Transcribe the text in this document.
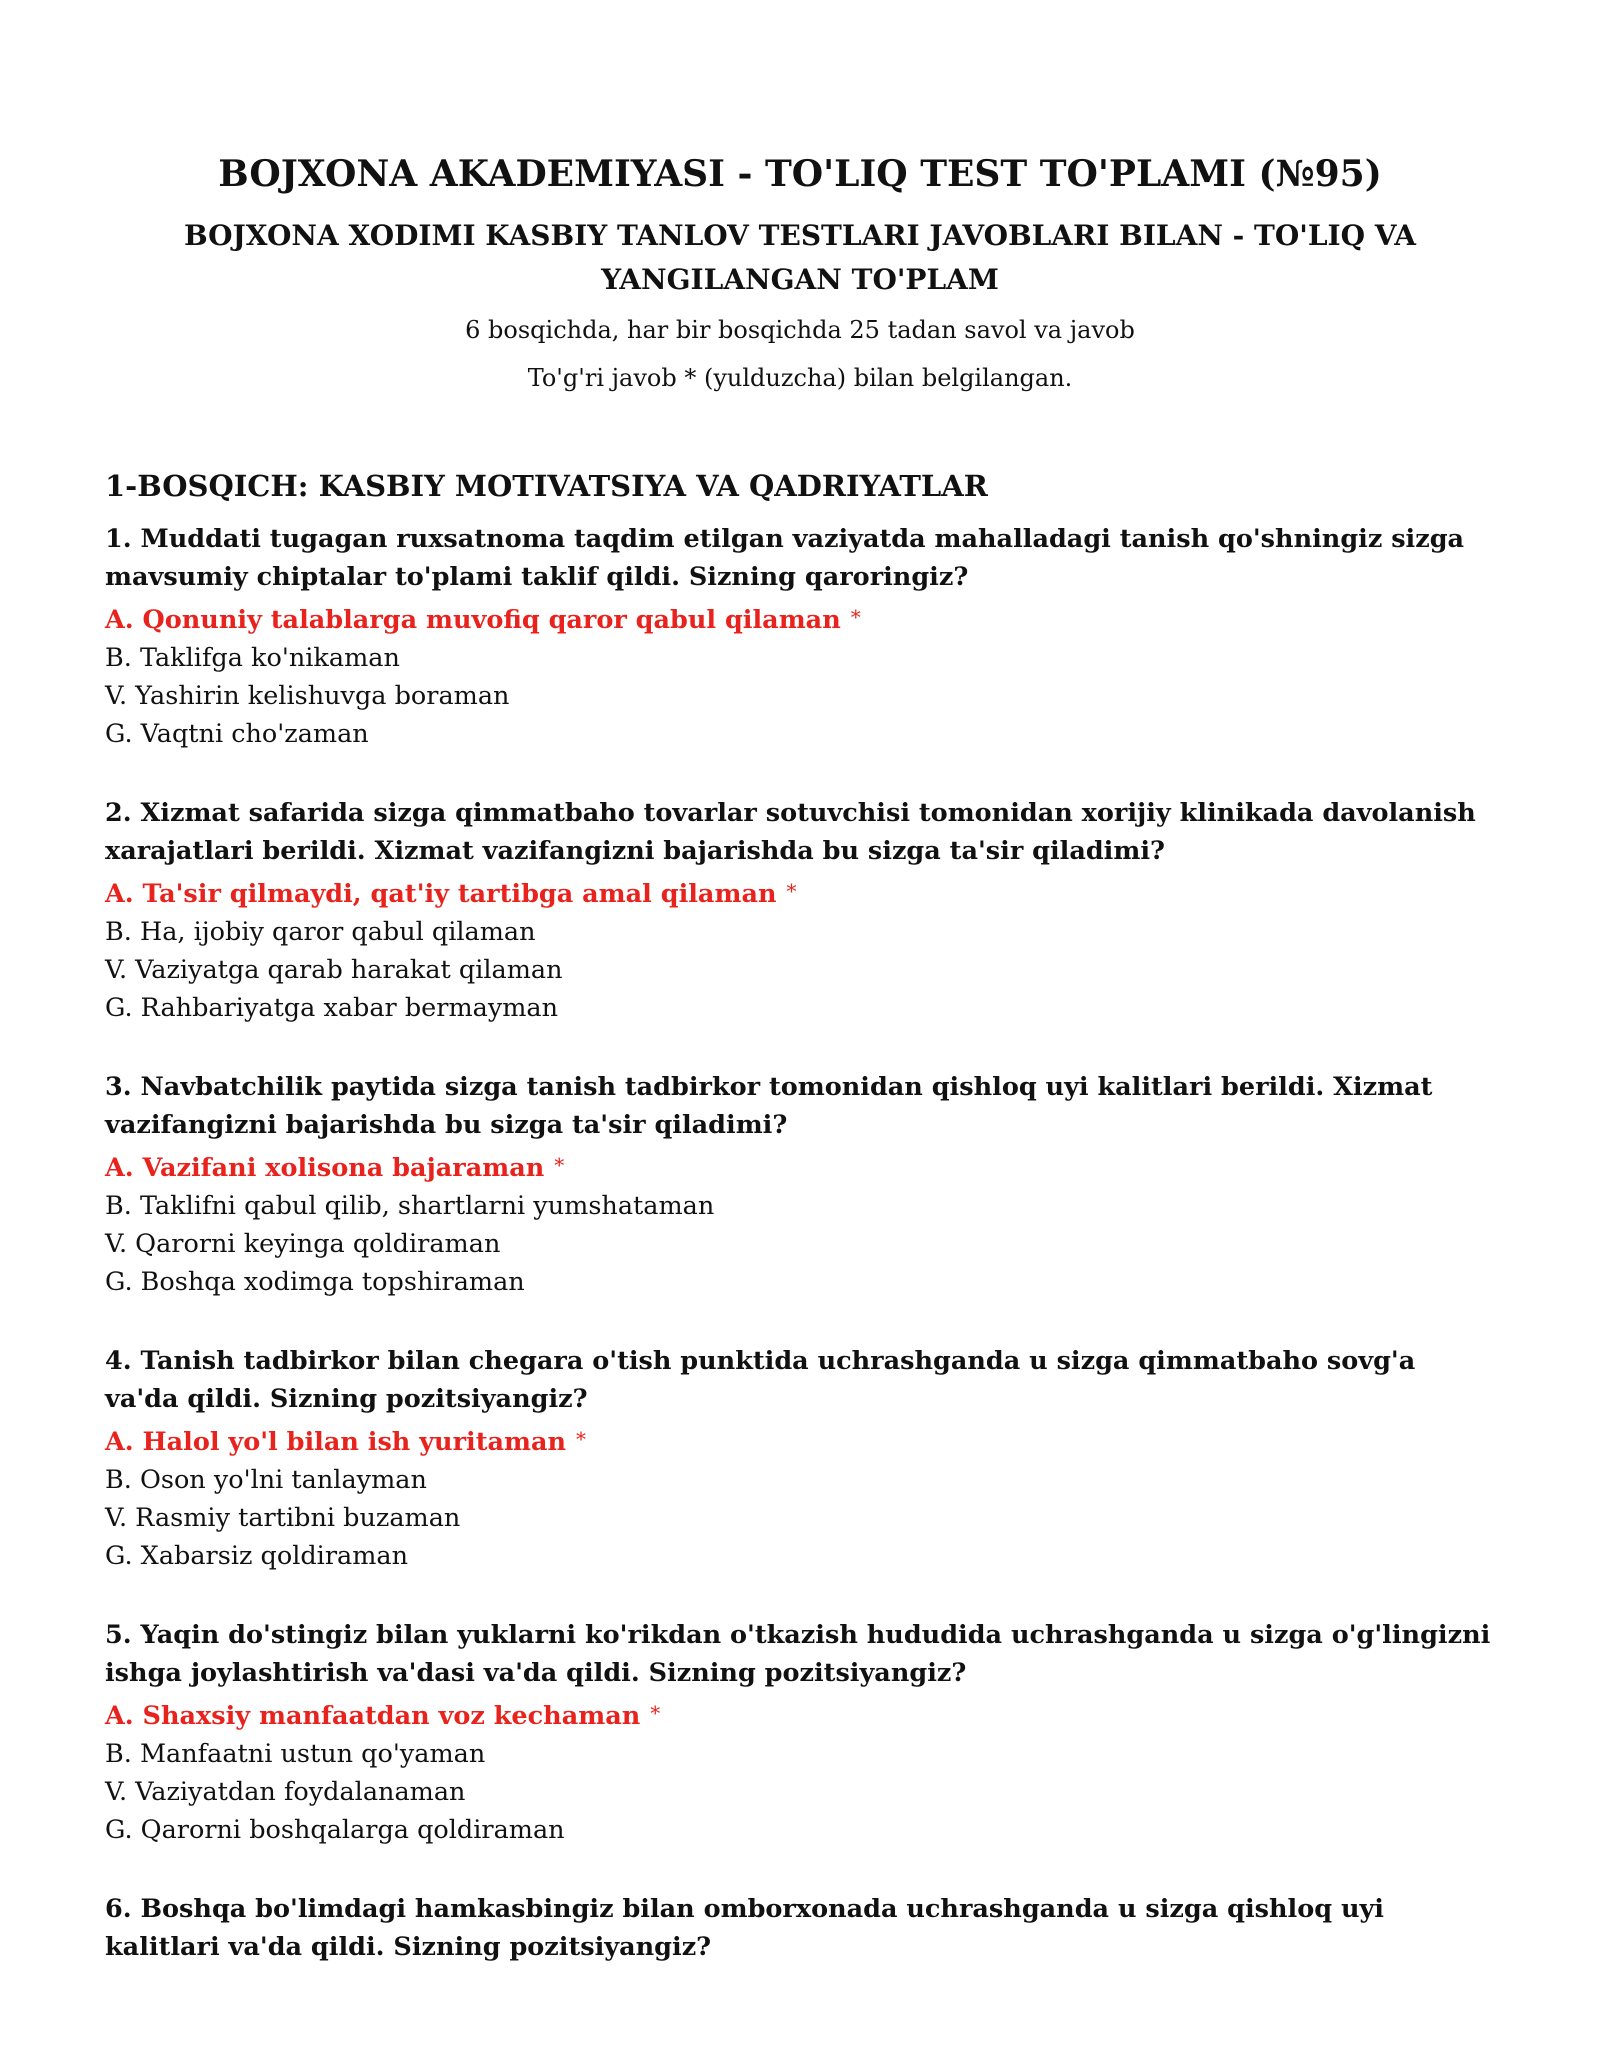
BOJXONA AKADEMIYASI - TO'LIQ TEST TO'PLAMI (№95)
BOJXONA XODIMI KASBIY TANLOV TESTLARI JAVOBLARI BILAN - TO'LIQ VA YANGILANGAN TO'PLAM
6 bosqichda, har bir bosqichda 25 tadan savol va javob
To'g'ri javob * (yulduzcha) bilan belgilangan.
1-BOSQICH: KASBIY MOTIVATSIYA VA QADRIYATLAR
1. Muddati tugagan ruxsatnoma taqdim etilgan vaziyatda mahalladagi tanish qo'shningiz sizga mavsumiy chiptalar to'plami taklif qildi. Sizning qaroringiz?
A. Qonuniy talablarga muvofiq qaror qabul qilaman *
B. Taklifga ko'nikaman
V. Yashirin kelishuvga boraman
G. Vaqtni cho'zaman
2. Xizmat safarida sizga qimmatbaho tovarlar sotuvchisi tomonidan xorijiy klinikada davolanish xarajatlari berildi. Xizmat vazifangizni bajarishda bu sizga ta'sir qiladimi?
A. Ta'sir qilmaydi, qat'iy tartibga amal qilaman *
B. Ha, ijobiy qaror qabul qilaman
V. Vaziyatga qarab harakat qilaman
G. Rahbariyatga xabar bermayman
3. Navbatchilik paytida sizga tanish tadbirkor tomonidan qishloq uyi kalitlari berildi. Xizmat vazifangizni bajarishda bu sizga ta'sir qiladimi?
A. Vazifani xolisona bajaraman *
B. Taklifni qabul qilib, shartlarni yumshataman
V. Qarorni keyinga qoldiraman
G. Boshqa xodimga topshiraman
4. Tanish tadbirkor bilan chegara o'tish punktida uchrashganda u sizga qimmatbaho sovg'a va'da qildi. Sizning pozitsiyangiz?
A. Halol yo'l bilan ish yuritaman *
B. Oson yo'lni tanlayman
V. Rasmiy tartibni buzaman
G. Xabarsiz qoldiraman
5. Yaqin do'stingiz bilan yuklarni ko'rikdan o'tkazish hududida uchrashganda u sizga o'g'lingizni ishga joylashtirish va'dasi va'da qildi. Sizning pozitsiyangiz?
A. Shaxsiy manfaatdan voz kechaman *
B. Manfaatni ustun qo'yaman
V. Vaziyatdan foydalanaman
G. Qarorni boshqalarga qoldiraman
6. Boshqa bo'limdagi hamkasbingiz bilan omborxonada uchrashganda u sizga qishloq uyi kalitlari va'da qildi. Sizning pozitsiyangiz?
